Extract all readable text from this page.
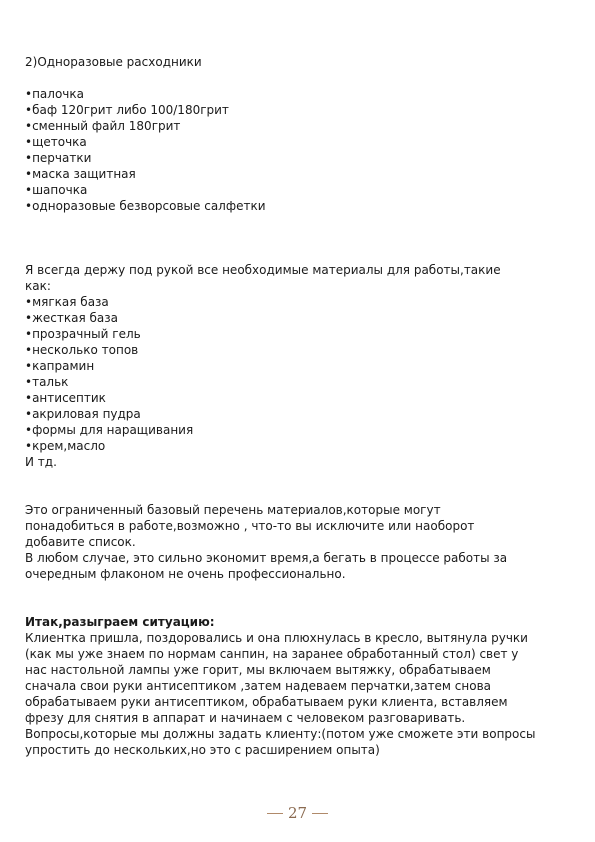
2)Одноразовые расходники

•палочка

•баф 120грит либо 100/180грит

•сменный файл 180грит

•щеточка

•перчатки

•маска защитная

•шапочка

•одноразовые безворсовые салфетки

Я всегда держу под рукой все необходимые материалы для работы,такие

как:

•мягкая база

•жесткая база

•прозрачный гель

•несколько топов

•капрамин

•тальк

•антисептик

•акриловая пудра

•формы для наращивания

•крем,масло

И тд.

Это ограниченный базовый перечень материалов,которые могут

понадобиться в работе,возможно , что-то вы исключите или наоборот

добавите список.

В любом случае, это сильно экономит время,а бегать в процессе работы за

очередным флаконом не очень профессионально.

Итак,разыграем ситуацию:

Клиентка пришла, поздоровались и она плюхнулась в кресло, вытянула ручки

(как мы уже знаем по нормам санпин, на заранее обработанный стол) свет у

нас настольной лампы уже горит, мы включаем вытяжку, обрабатываем

сначала свои руки антисептиком ,затем надеваем перчатки,затем снова

обрабатываем руки антисептиком, обрабатываем руки клиента, вставляем

фрезу для снятия в аппарат и начинаем с человеком разговаривать.

Вопросы,которые мы должны задать клиенту:(потом уже сможете эти вопросы

упростить до нескольких,но это с расширением опыта)

27
